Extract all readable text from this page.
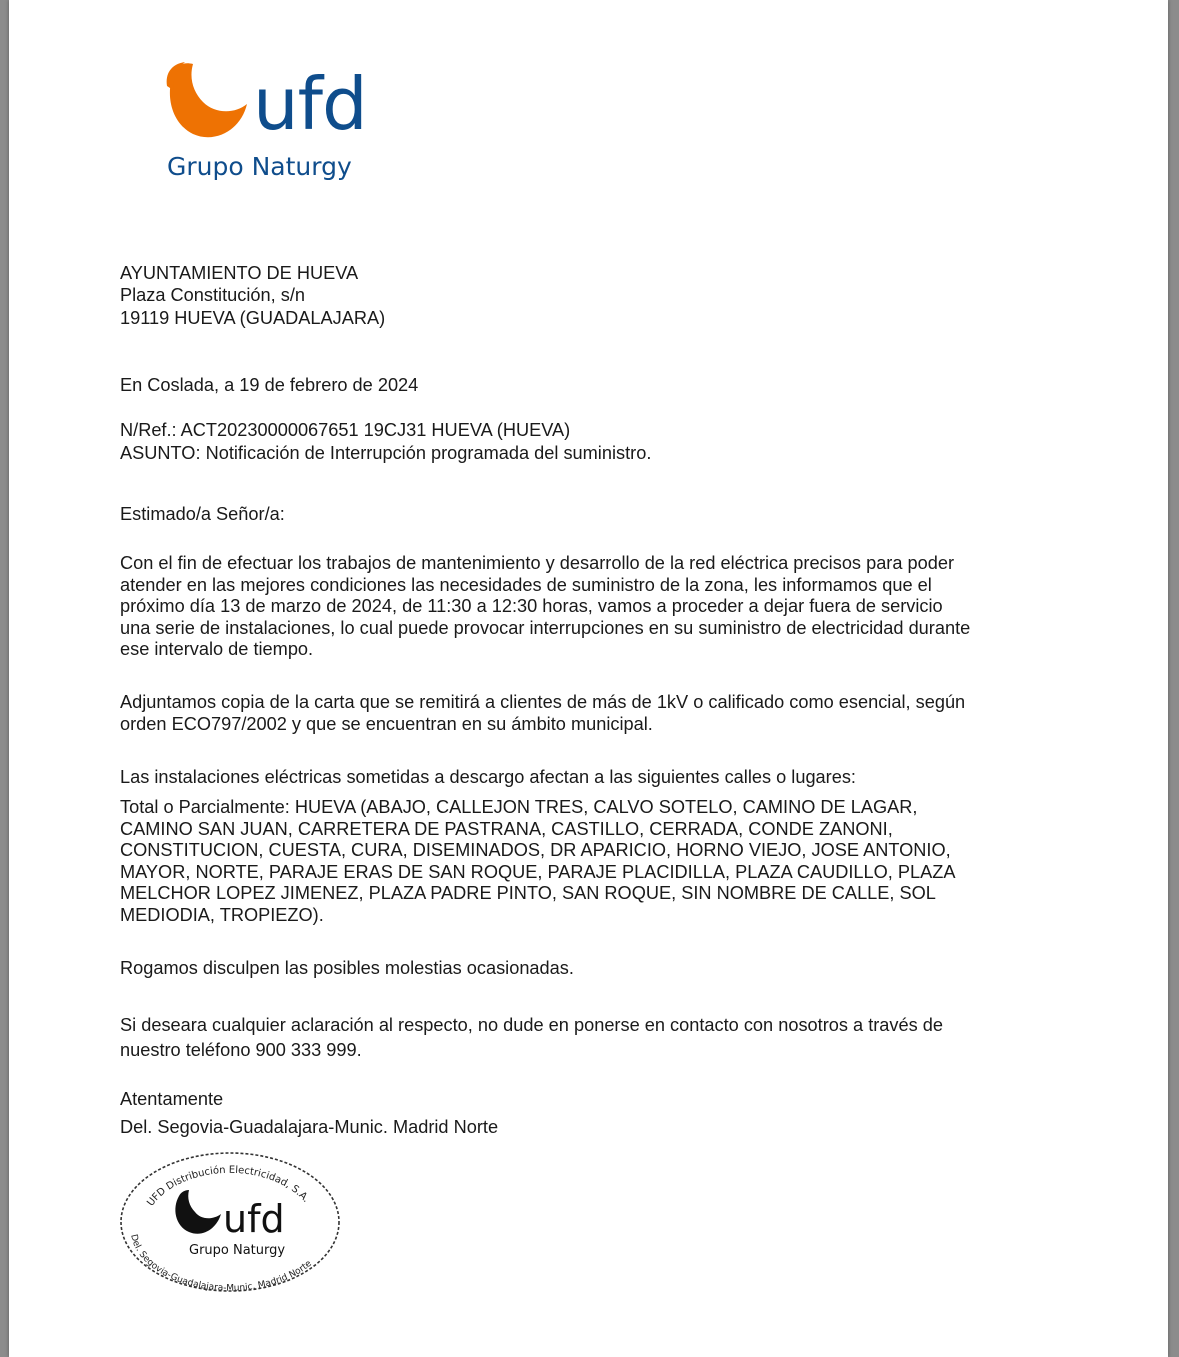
ufd
Grupo Naturgy
AYUNTAMIENTO DE HUEVA
Plaza Constitución, s/n
19119 HUEVA (GUADALAJARA)
En Coslada, a 19 de febrero de 2024
N/Ref.: ACT20230000067651 19CJ31 HUEVA (HUEVA)
ASUNTO: Notificación de Interrupción programada del suministro.
Estimado/a Señor/a:
Con el fin de efectuar los trabajos de mantenimiento y desarrollo de la red eléctrica precisos para poder
atender en las mejores condiciones las necesidades de suministro de la zona, les informamos que el
próximo día 13 de marzo de 2024, de 11:30 a 12:30 horas, vamos a proceder a dejar fuera de servicio
una serie de instalaciones, lo cual puede provocar interrupciones en su suministro de electricidad durante
ese intervalo de tiempo.
Adjuntamos copia de la carta que se remitirá a clientes de más de 1kV o calificado como esencial, según
orden ECO797/2002 y que se encuentran en su ámbito municipal.
Las instalaciones eléctricas sometidas a descargo afectan a las siguientes calles o lugares:
Total o Parcialmente: HUEVA (ABAJO, CALLEJON TRES, CALVO SOTELO, CAMINO DE LAGAR,
CAMINO SAN JUAN, CARRETERA DE PASTRANA, CASTILLO, CERRADA, CONDE ZANONI,
CONSTITUCION, CUESTA, CURA, DISEMINADOS, DR APARICIO, HORNO VIEJO, JOSE ANTONIO,
MAYOR, NORTE, PARAJE ERAS DE SAN ROQUE, PARAJE PLACIDILLA, PLAZA CAUDILLO, PLAZA
MELCHOR LOPEZ JIMENEZ, PLAZA PADRE PINTO, SAN ROQUE, SIN NOMBRE DE CALLE, SOL
MEDIODIA, TROPIEZO).
Rogamos disculpen las posibles molestias ocasionadas.
Si deseara cualquier aclaración al respecto, no dude en ponerse en contacto con nosotros a través de
nuestro teléfono 900 333 999.
Atentamente
Del. Segovia-Guadalajara-Munic. Madrid Norte
UFD Distribución Electricidad, S.A.
Del. Segovia-Guadalajara-Munic. Madrid Norte
ufd
Grupo Naturgy
